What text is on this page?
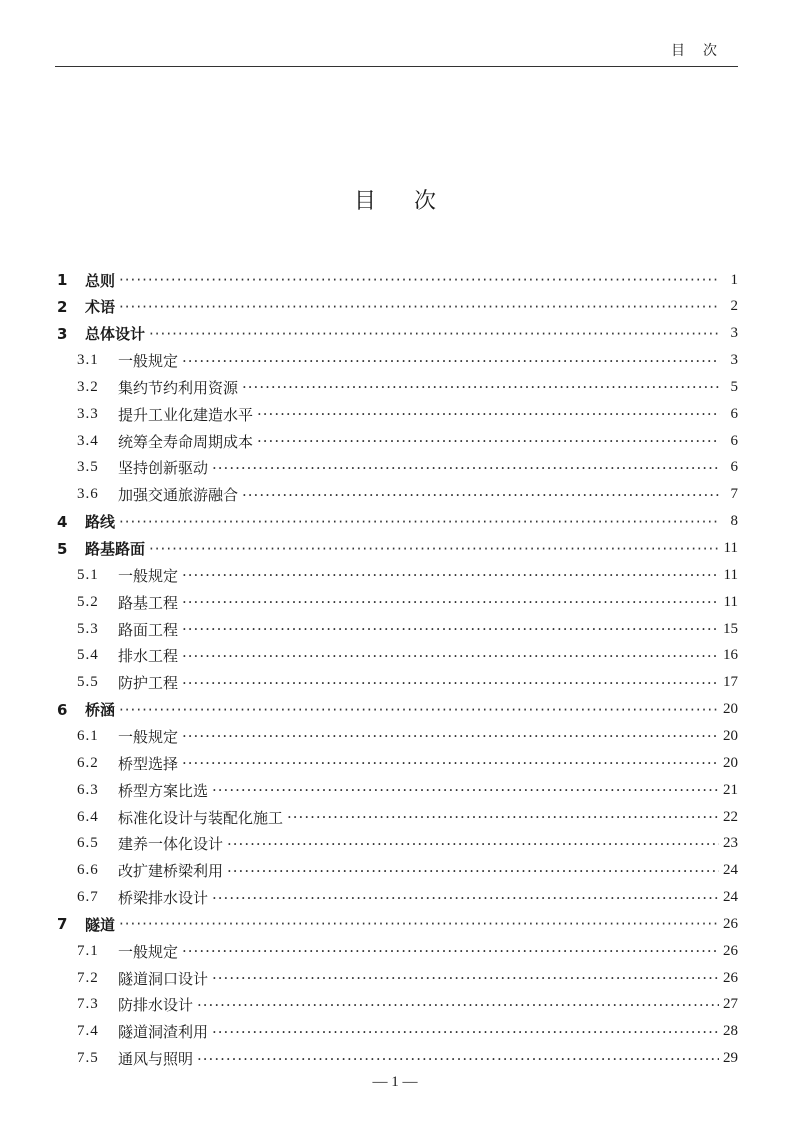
目次
目次
1	总则 ·····	1
2	术语 ·····	2
3	总体设计 ·····	3
3.1	一般规定 ·····	3
3.2	集约节约利用资源 ·····	5
3.3	提升工业化建造水平 ·····	6
3.4	统筹全寿命周期成本 ·····	6
3.5	坚持创新驱动 ·····	6
3.6	加强交通旅游融合 ·····	7
4	路线 ·····	8
5	路基路面 ·····	11
5.1	一般规定 ·····	11
5.2	路基工程 ·····	11
5.3	路面工程 ·····	15
5.4	排水工程 ·····	16
5.5	防护工程 ·····	17
6	桥涵 ·····	20
6.1	一般规定 ·····	20
6.2	桥型选择 ·····	20
6.3	桥型方案比选 ·····	21
6.4	标准化设计与装配化施工 ·····	22
6.5	建养一体化设计 ·····	23
6.6	改扩建桥梁利用 ·····	24
6.7	桥梁排水设计 ·····	24
7	隧道 ·····	26
7.1	一般规定 ·····	26
7.2	隧道洞口设计 ·····	26
7.3	防排水设计 ·····	27
7.4	隧道洞渣利用 ·····	28
7.5	通风与照明 ·····	29
— 1 —
